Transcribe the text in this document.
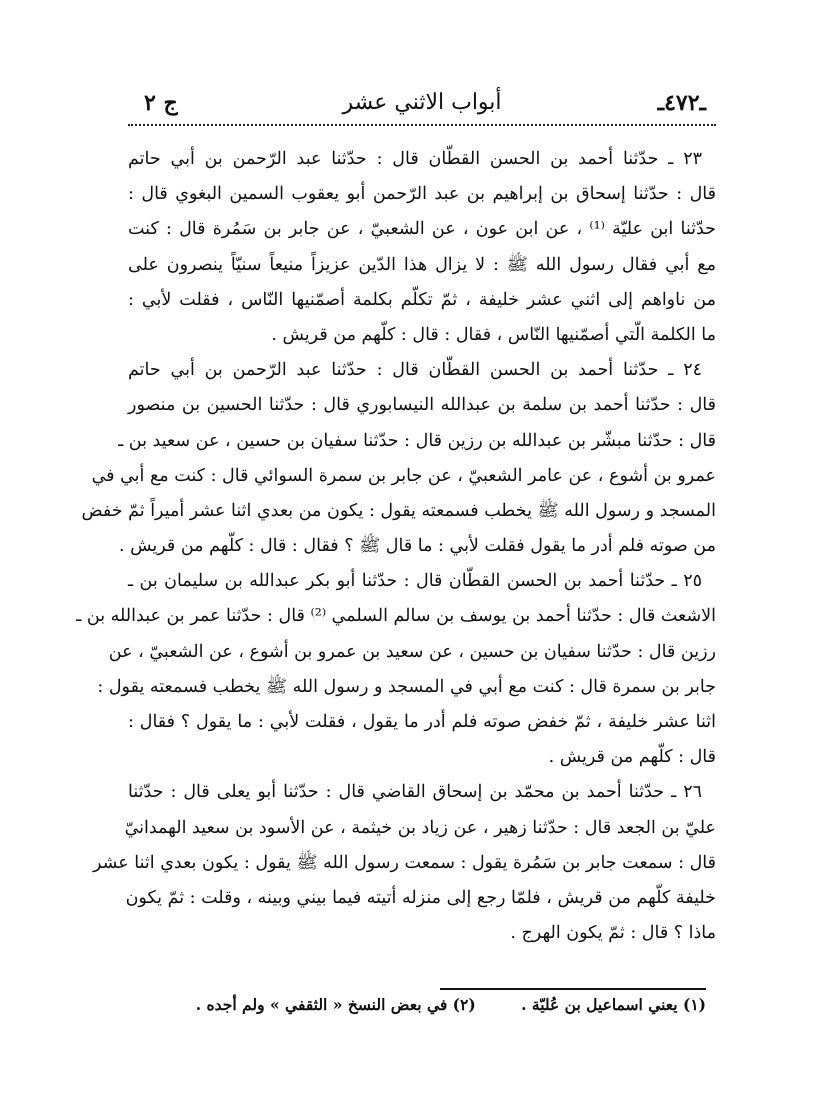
ج ٢	أبواب الاثني عشر	ـ٤٧٢ـ
٢٣ ـ حدّثنا أحمد بن الحسن القطّان قال : حدّثنا عبد الرّحمن بن أبي حاتم
قال : حدّثنا إسحاق بن إبراهيم بن عبد الرّحمن أبو يعقوب السمين البغوي قال :
حدّثنا ابن عليّة ⁽¹⁾ ، عن ابن عون ، عن الشعبيّ ، عن جابر بن سَمُرة قال : كنت
مع أبي فقال رسول الله ﷺ : لا يزال هذا الدّين عزيزاً منيعاً سنيّاً ينصرون على
من ناواهم إلى اثني عشر خليفة ، ثمّ تكلّم بكلمة أصمّنيها النّاس ، فقلت لأبي :
ما الكلمة الّتي أصمّنيها النّاس ، فقال : قال : كلّهم من قريش .
٢٤ ـ حدّثنا أحمد بن الحسن القطّان قال : حدّثنا عبد الرّحمن بن أبي حاتم
قال : حدّثنا أحمد بن سلمة بن عبدالله النيسابوري قال : حدّثنا الحسين بن منصور
قال : حدّثنا مبشّر بن عبدالله بن رزين قال : حدّثنا سفيان بن حسين ، عن سعيد بن ـ
عمرو بن أشوع ، عن عامر الشعبيّ ، عن جابر بن سمرة السوائي قال : كنت مع أبي في
المسجد و رسول الله ﷺ يخطب فسمعته يقول : يكون من بعدي اثنا عشر أميراً ثمّ خفض
من صوته فلم أدر ما يقول فقلت لأبي : ما قال ﷺ ؟ فقال : قال : كلّهم من قريش .
٢٥ ـ حدّثنا أحمد بن الحسن القطّان قال : حدّثنا أبو بكر عبدالله بن سليمان بن ـ
الاشعث قال : حدّثنا أحمد بن يوسف بن سالم السلمي ⁽²⁾ قال : حدّثنا عمر بن عبدالله بن ـ
رزين قال : حدّثنا سفيان بن حسين ، عن سعيد بن عمرو بن أشوع ، عن الشعبيّ ، عن
جابر بن سمرة قال : كنت مع أبي في المسجد و رسول الله ﷺ يخطب فسمعته يقول :
اثنا عشر خليفة ، ثمّ خفض صوته فلم أدر ما يقول ، فقلت لأبي : ما يقول ؟ فقال :
قال : كلّهم من قريش .
٢٦ ـ حدّثنا أحمد بن محمّد بن إسحاق القاضي قال : حدّثنا أبو يعلى قال : حدّثنا
عليّ بن الجعد قال : حدّثنا زهير ، عن زياد بن خيثمة ، عن الأسود بن سعيد الهمدانيّ
قال : سمعت جابر بن سَمُرة يقول : سمعت رسول الله ﷺ يقول : يكون بعدي اثنا عشر
خليفة كلّهم من قريش ، فلمّا رجع إلى منزله أتيته فيما بيني وبينه ، وقلت : ثمّ يكون
ماذا ؟ قال : ثمّ يكون الهرج .
(١) يعني اسماعيل بن عُليّة . (٢) في بعض النسخ « الثقفي » ولم أجده .
